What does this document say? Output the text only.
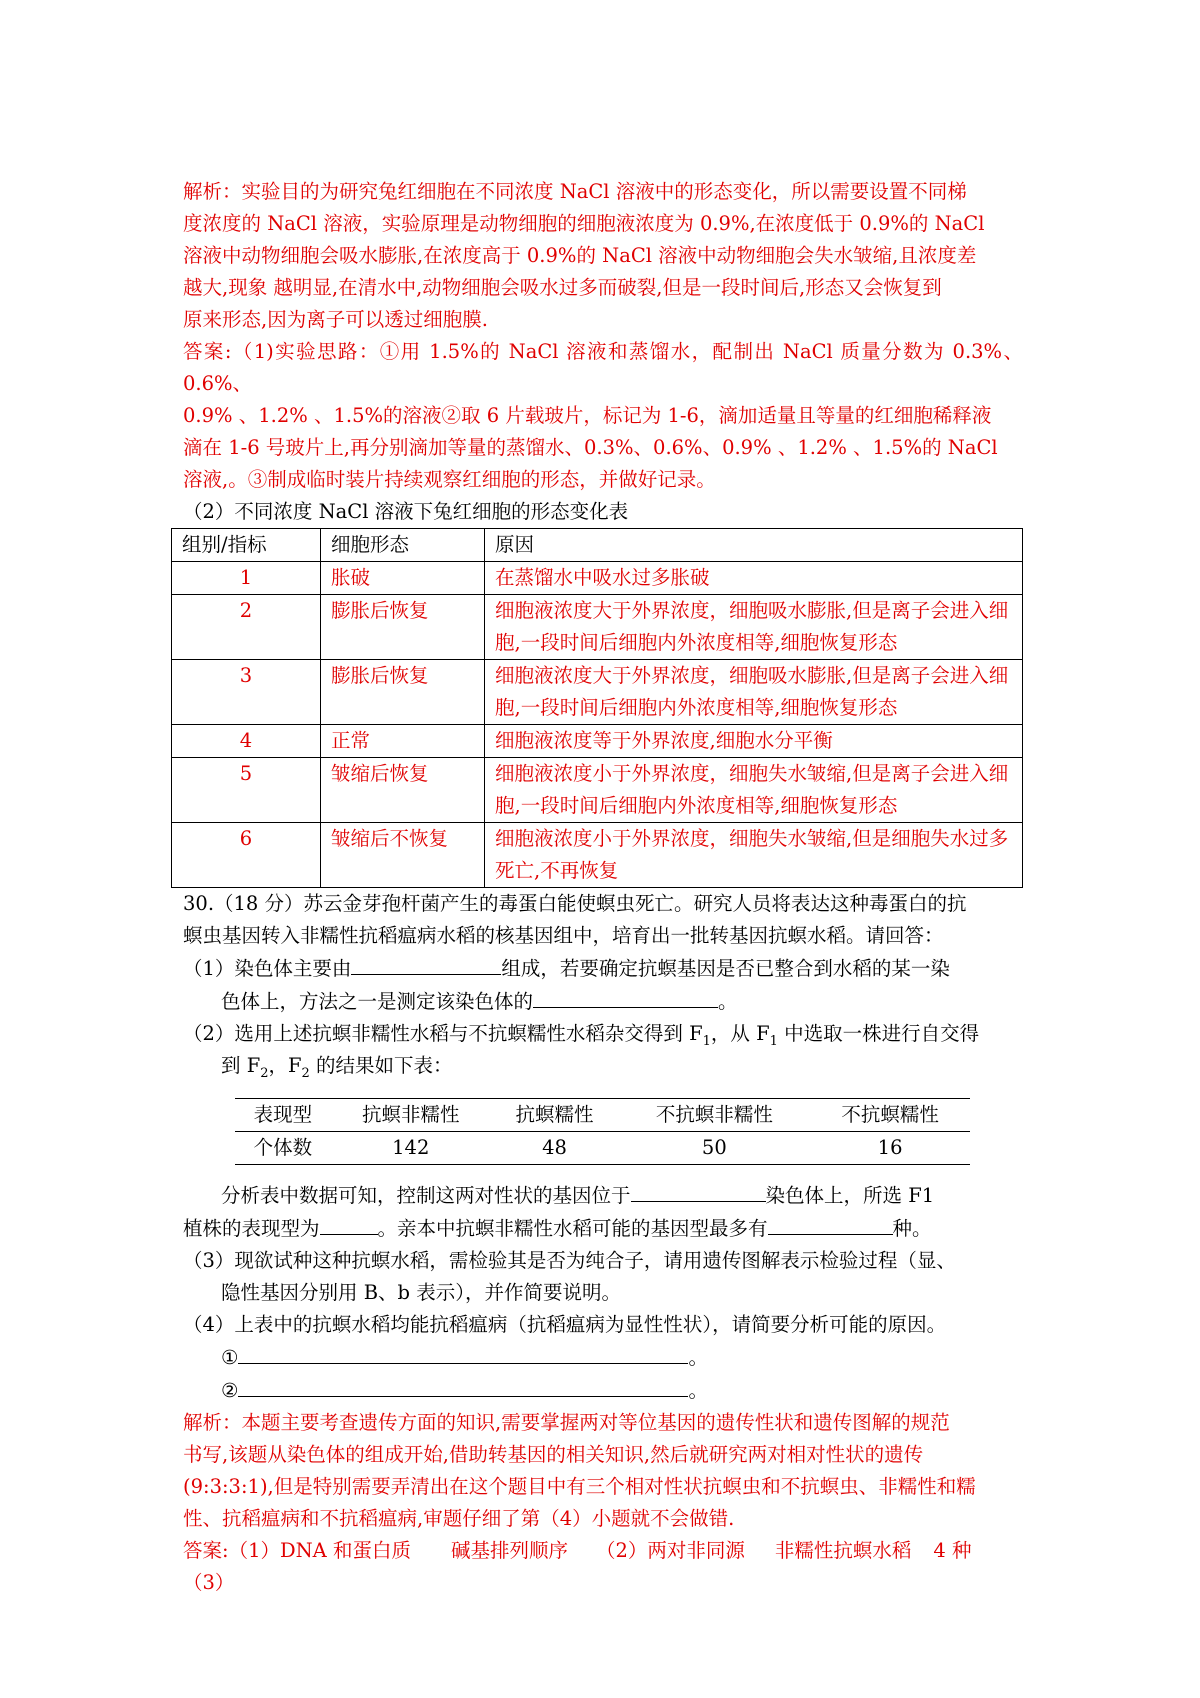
解析：实验目的为研究兔红细胞在不同浓度 NaCl 溶液中的形态变化，所以需要设置不同梯

度浓度的 NaCl 溶液，实验原理是动物细胞的细胞液浓度为 0.9%,在浓度低于 0.9%的 NaCl

溶液中动物细胞会吸水膨胀,在浓度高于 0.9%的 NaCl 溶液中动物细胞会失水皱缩,且浓度差

越大,现象 越明显,在清水中,动物细胞会吸水过多而破裂,但是一段时间后,形态又会恢复到

原来形态,因为离子可以透过细胞膜.

答案:（1)实验思路：①用 1.5%的 NaCl 溶液和蒸馏水，配制出 NaCl 质量分数为 0.3%、0.6%、

0.9% 、1.2% 、1.5%的溶液②取 6 片载玻片，标记为 1-6，滴加适量且等量的红细胞稀释液

滴在 1-6 号玻片上,再分别滴加等量的蒸馏水、0.3%、0.6%、0.9% 、1.2% 、1.5%的 NaCl

溶液,。③制成临时装片持续观察红细胞的形态，并做好记录。

（2）不同浓度 NaCl 溶液下兔红细胞的形态变化表

组别/指标	细胞形态	原因
1	胀破	在蒸馏水中吸水过多胀破
2	膨胀后恢复	细胞液浓度大于外界浓度，细胞吸水膨胀,但是离子会进入细胞,一段时间后细胞内外浓度相等,细胞恢复形态
3	膨胀后恢复	细胞液浓度大于外界浓度，细胞吸水膨胀,但是离子会进入细胞,一段时间后细胞内外浓度相等,细胞恢复形态
4	正常	细胞液浓度等于外界浓度,细胞水分平衡
5	皱缩后恢复	细胞液浓度小于外界浓度，细胞失水皱缩,但是离子会进入细胞,一段时间后细胞内外浓度相等,细胞恢复形态
6	皱缩后不恢复	细胞液浓度小于外界浓度，细胞失水皱缩,但是细胞失水过多死亡,不再恢复

30.（18 分）苏云金芽孢杆菌产生的毒蛋白能使螟虫死亡。研究人员将表达这种毒蛋白的抗

螟虫基因转入非糯性抗稻瘟病水稻的核基因组中，培育出一批转基因抗螟水稻。请回答：

（1）染色体主要由	组成，若要确定抗螟基因是否已整合到水稻的某一染

色体上，方法之一是测定该染色体的	。

（2）选用上述抗螟非糯性水稻与不抗螟糯性水稻杂交得到 $F_1$，从 $F_1$ 中选取一株进行自交得

到 $F_2$，$F_2$ 的结果如下表：

表现型	抗螟非糯性	抗螟糯性	不抗螟非糯性	不抗螟糯性
个体数	142	48	50	16

分析表中数据可知，控制这两对性状的基因位于	染色体上，所选 F1

植株的表现型为	。亲本中抗螟非糯性水稻可能的基因型最多有	种。

（3）现欲试种这种抗螟水稻，需检验其是否为纯合子，请用遗传图解表示检验过程（显、

隐性基因分别用 B、b 表示），并作简要说明。

（4）上表中的抗螟水稻均能抗稻瘟病（抗稻瘟病为显性性状），请简要分析可能的原因。

①	。

②	。

解析：本题主要考查遗传方面的知识,需要掌握两对等位基因的遗传性状和遗传图解的规范

书写,该题从染色体的组成开始,借助转基因的相关知识,然后就研究两对相对性状的遗传

(9:3:3:1),但是特别需要弄清出在这个题目中有三个相对性状抗螟虫和不抗螟虫、非糯性和糯

性、抗稻瘟病和不抗稻瘟病,审题仔细了第（4）小题就不会做错.

答案:（1）DNA 和蛋白质 碱基排列顺序 （2）两对非同源 非糯性抗螟水稻 4 种

（3）
